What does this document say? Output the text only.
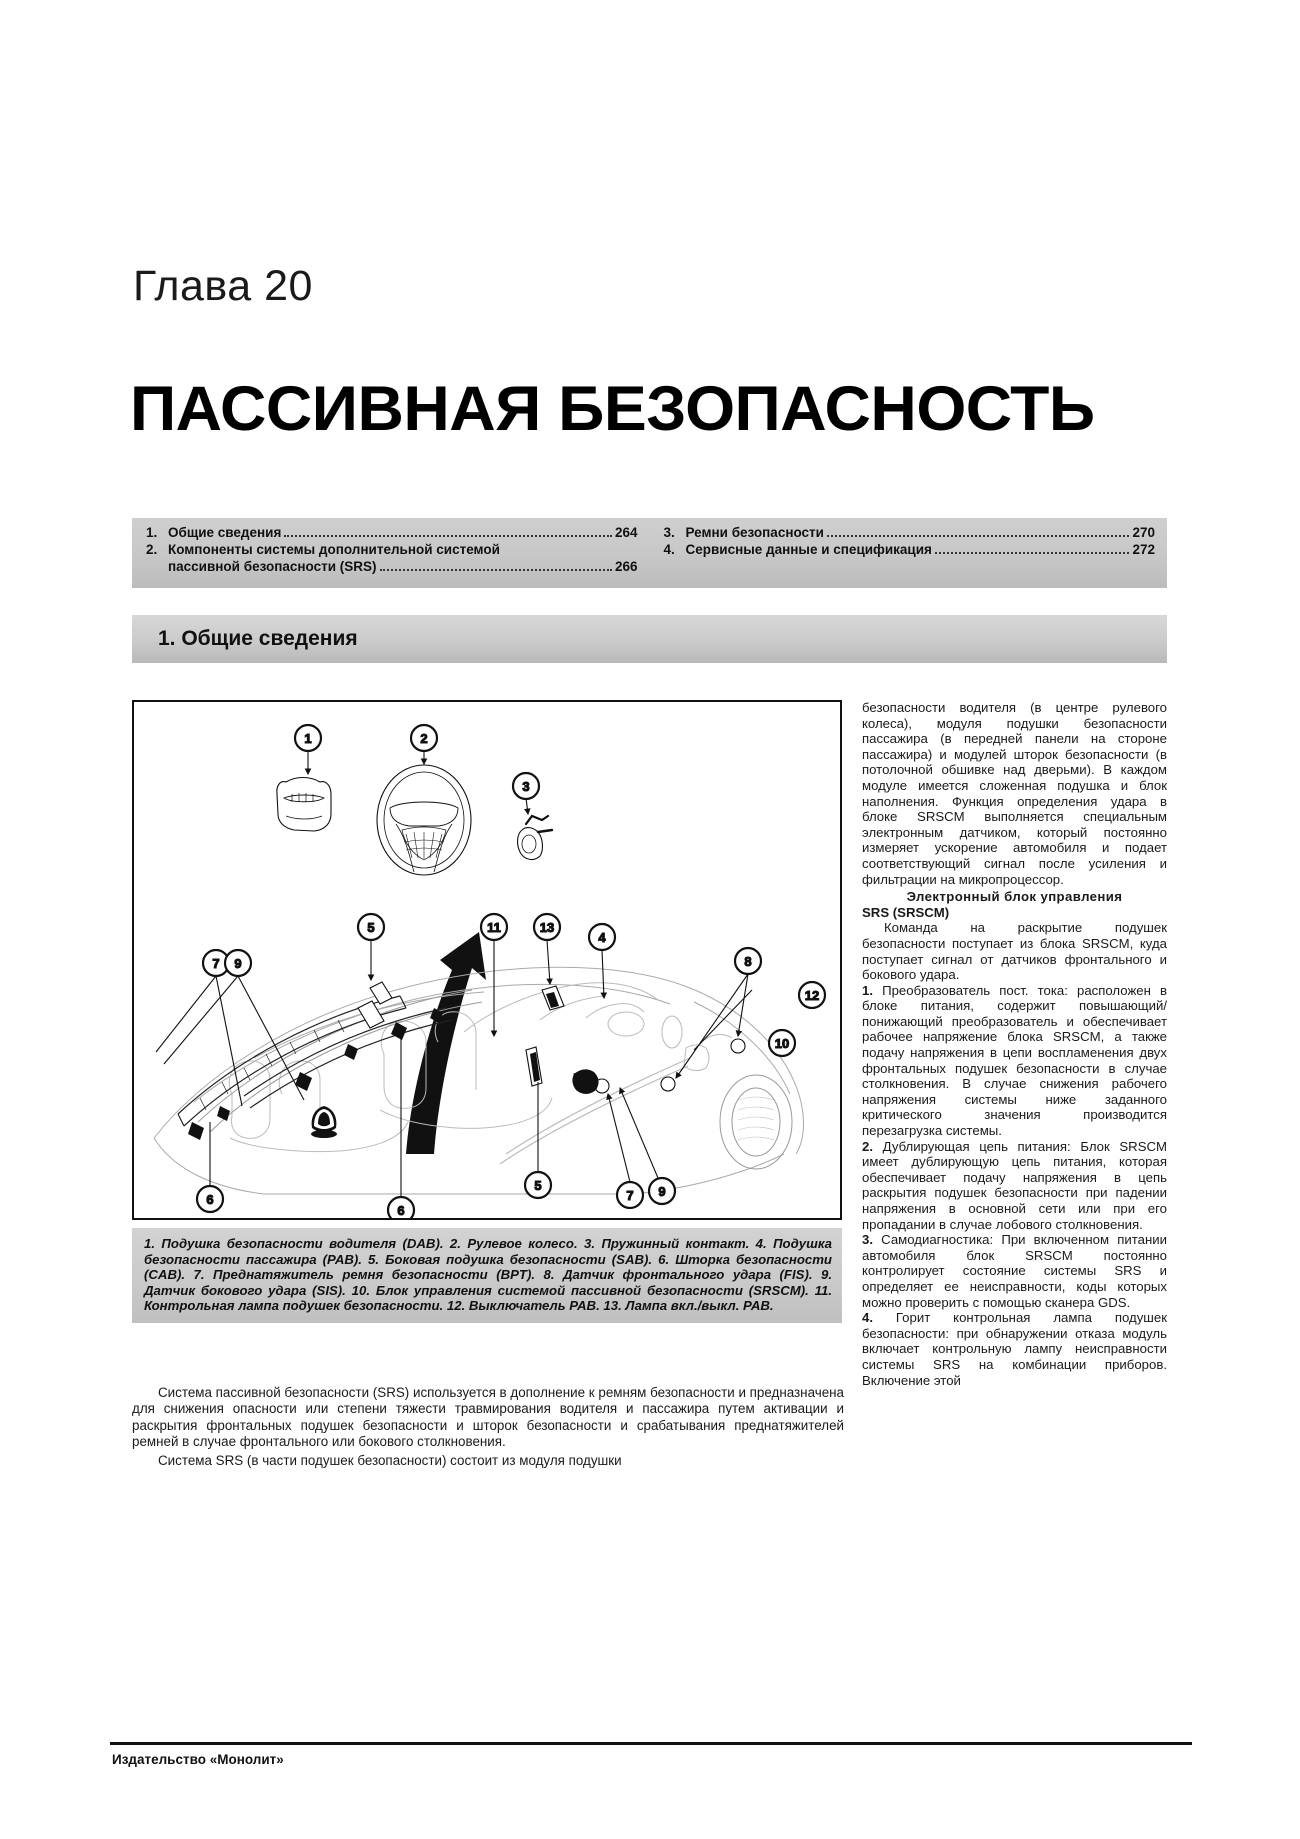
Глава 20
ПАССИВНАЯ БЕЗОПАСНОСТЬ
1. Общие сведения	264
2. Компоненты системы дополнительной системой
пассивной безопасности (SRS)	266
3. Ремни безопасности	270
4. Сервисные данные и спецификация	272
1. Общие сведения
1	2
3
5	11	13
4
8
7 9
6
6
5
12
10
7 9
1. Подушка безопасности водителя (DAB). 2. Рулевое колесо. 3. Пружинный контакт. 4. Подушка безопасности пассажира (PAB). 5. Боковая подушка безопасности (SAB). 6. Шторка безопасности (CAB). 7. Преднатяжитель ремня безопасности (BPT). 8. Датчик фронтального удара (FIS). 9. Датчик бокового удара (SIS). 10. Блок управления системой пассивной безопасности (SRSCM). 11. Контрольная лампа подушек безопасности. 12. Выключатель PAB. 13. Лампа вкл./выкл. PAB.

Система пассивной безопасности (SRS) используется в дополнение к ремням безопасности и предназначена для снижения опасности или степени тяжести травмирования водителя и пассажира путем активации и раскрытия фронтальных подушек безопасности и шторок безопасности и срабатывания преднатяжителей ремней в случае фронтального или бокового столкновения.

Система SRS (в части подушек безопасности) состоит из модуля подушки

безопасности водителя (в центре рулевого колеса), модуля подушки безопасности пассажира (в передней панели на стороне пассажира) и модулей шторок безопасности (в потолочной обшивке над дверьми). В каждом модуле имеется сложенная подушка и блок наполнения. Функция определения удара в блоке SRSCM выполняется специальным электронным датчиком, который постоянно измеряет ускорение автомобиля и подает соответствующий сигнал после усиления и фильтрации на микропроцессор.

Электронный блок управления

SRS (SRSCM)

Команда на раскрытие подушек безопасности поступает из блока SRSCM, куда поступает сигнал от датчиков фронтального и бокового удара.

1. Преобразователь пост. тока: расположен в блоке питания, содержит повышающий/понижающий преобразователь и обеспечивает рабочее напряжение блока SRSCM, а также подачу напряжения в цепи воспламенения двух фронтальных подушек безопасности в случае столкновения. В случае снижения рабочего напряжения системы ниже заданного критического значения производится перезагрузка системы.

2. Дублирующая цепь питания: Блок SRSCM имеет дублирующую цепь питания, которая обеспечивает подачу напряжения в цепь раскрытия подушек безопасности при падении напряжения в основной сети или при его пропадании в случае лобового столкновения.

3. Самодиагностика: При включенном питании автомобиля блок SRSCM постоянно контролирует состояние системы SRS и определяет ее неисправности, коды которых можно проверить с помощью сканера GDS.

4. Горит контрольная лампа подушек безопасности: при обнаружении отказа модуль включает контрольную лампу неисправности системы SRS на комбинации приборов. Включение этой

Издательство «Монолит»
